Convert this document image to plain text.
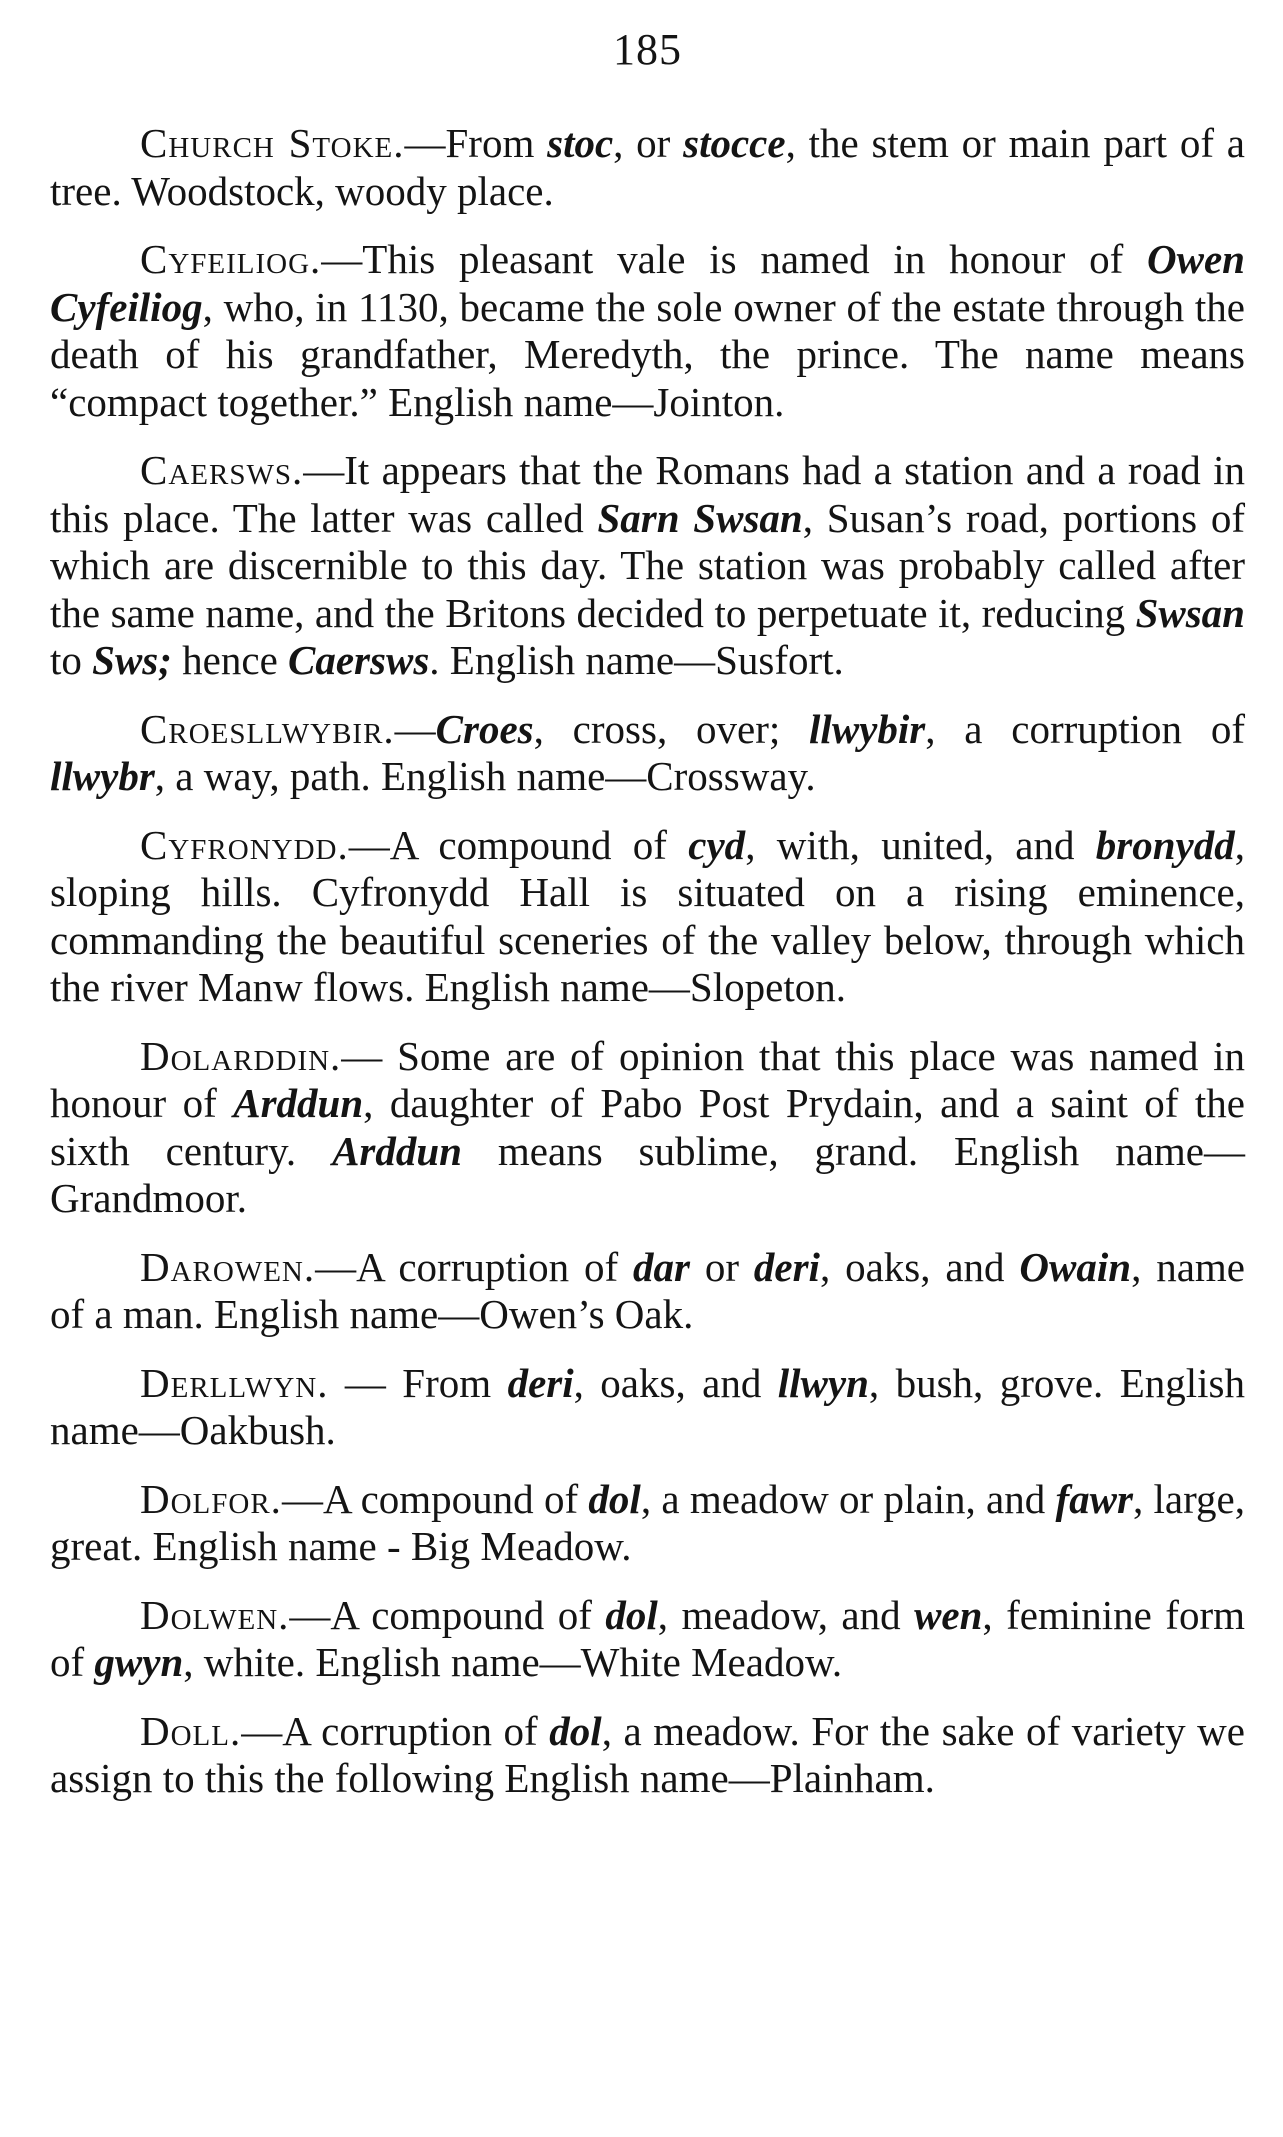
185

Church Stoke.—From stoc, or stocce, the stem or main part of a tree. Woodstock, woody place.

Cyfeiliog.—This pleasant vale is named in honour of Owen Cyfeiliog, who, in 1130, became the sole owner of the estate through the death of his grandfather, Meredyth, the prince. The name means “compact together.” English name—Jointon.

Caersws.—It appears that the Romans had a station and a road in this place. The latter was called Sarn Swsan, Susan’s road, portions of which are discernible to this day. The station was probably called after the same name, and the Britons decided to perpetuate it, reducing Swsan to Sws; hence Caersws. English name—Susfort.

Croesllwybir.—Croes, cross, over; llwybir, a corruption of llwybr, a way, path. English name—Crossway.

Cyfronydd.—A compound of cyd, with, united, and bronydd, sloping hills. Cyfronydd Hall is situated on a rising eminence, commanding the beautiful sceneries of the valley below, through which the river Manw flows. English name—Slopeton.

Dolarddin.— Some are of opinion that this place was named in honour of Arddun, daughter of Pabo Post Prydain, and a saint of the sixth century. Arddun means sublime, grand. English name—Grandmoor.

Darowen.—A corruption of dar or deri, oaks, and Owain, name of a man. English name—Owen’s Oak.

Derllwyn. — From deri, oaks, and llwyn, bush, grove. English name—Oakbush.

Dolfor.—A compound of dol, a meadow or plain, and fawr, large, great. English name - Big Meadow.

Dolwen.—A compound of dol, meadow, and wen, feminine form of gwyn, white. English name—White Meadow.

Doll.—A corruption of dol, a meadow. For the sake of variety we assign to this the following English name—Plainham.
